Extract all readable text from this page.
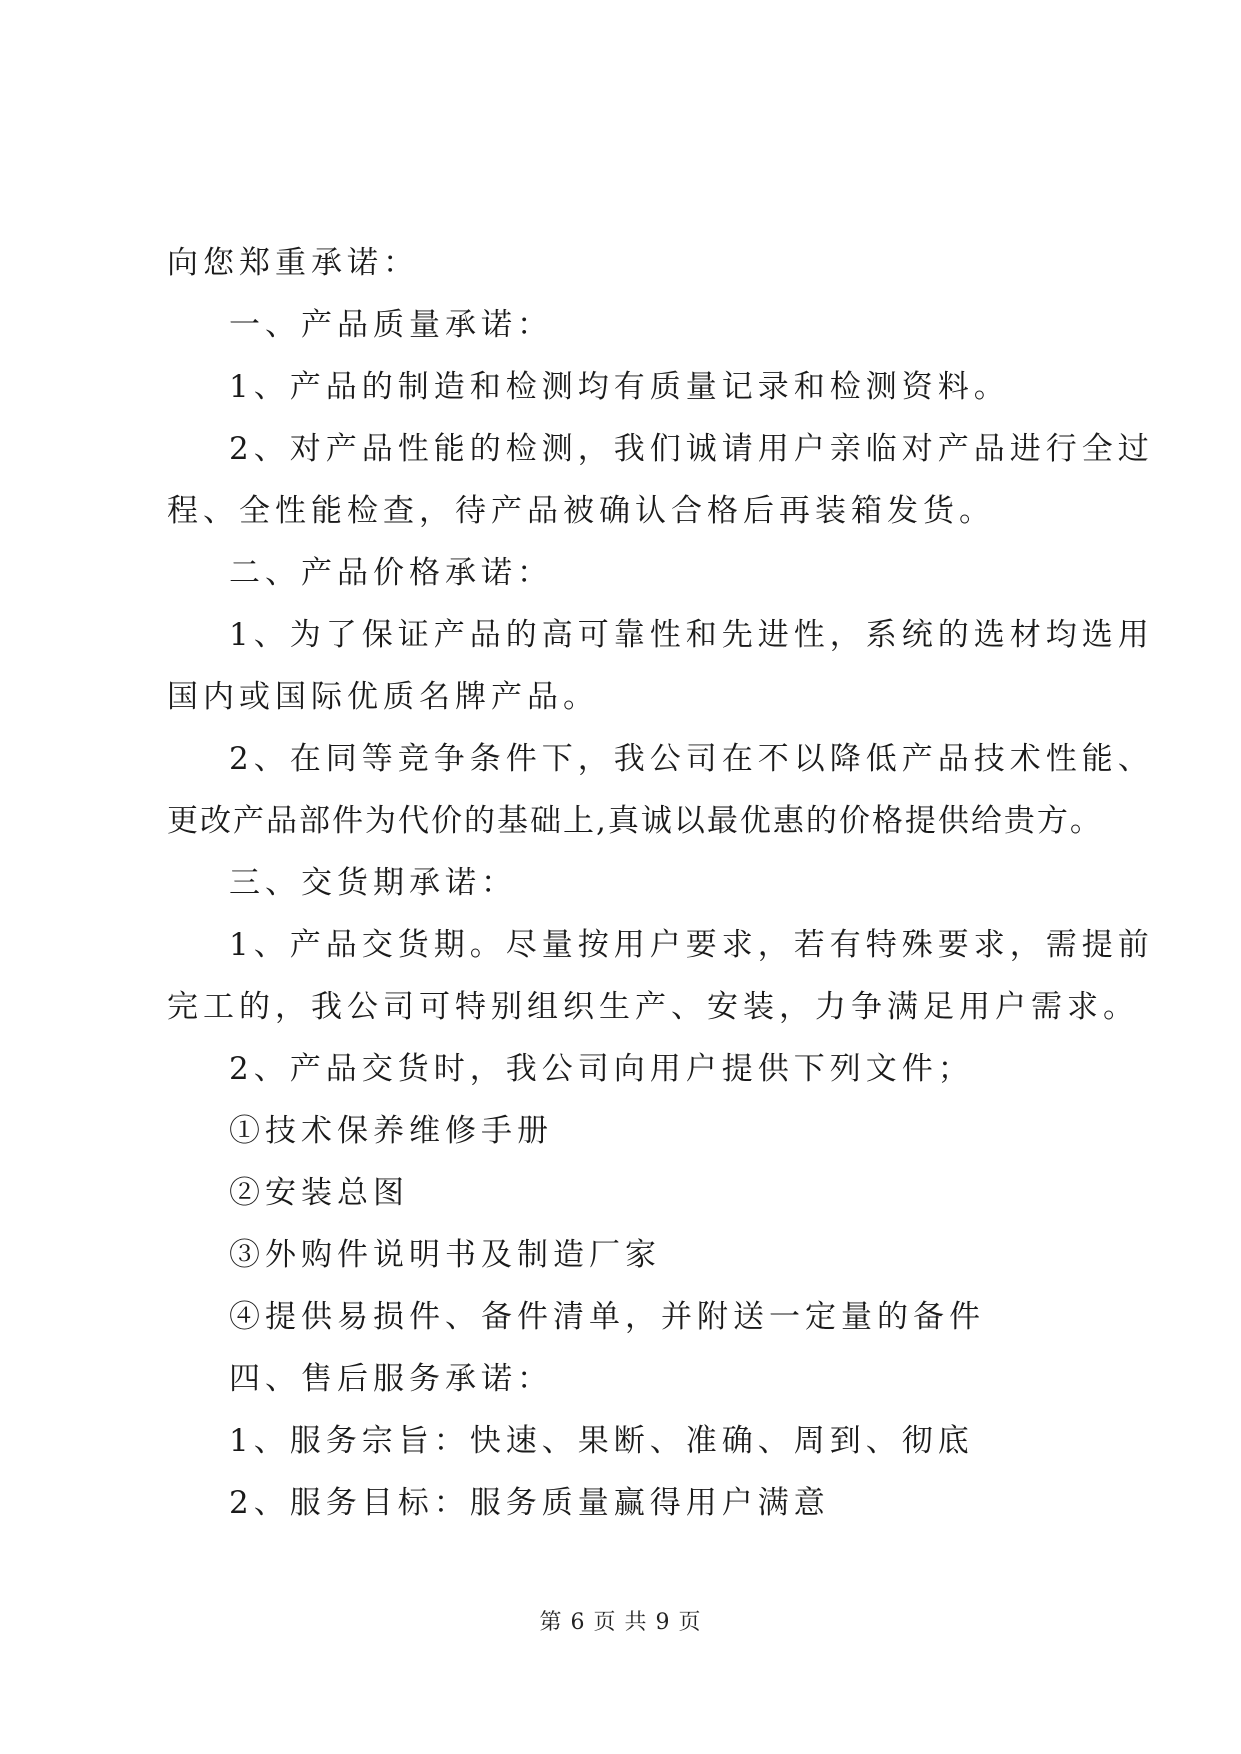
向您郑重承诺：
一、产品质量承诺：
1、产品的制造和检测均有质量记录和检测资料。
2、对产品性能的检测，我们诚请用户亲临对产品进行全过
程、全性能检查，待产品被确认合格后再装箱发货。
二、产品价格承诺：
1、为了保证产品的高可靠性和先进性，系统的选材均选用
国内或国际优质名牌产品。
2、在同等竞争条件下，我公司在不以降低产品技术性能、
更改产品部件为代价的基础上,真诚以最优惠的价格提供给贵方。
三、交货期承诺：
1、产品交货期。尽量按用户要求，若有特殊要求，需提前
完工的，我公司可特别组织生产、安装，力争满足用户需求。
2、产品交货时，我公司向用户提供下列文件；
①技术保养维修手册
②安装总图
③外购件说明书及制造厂家
④提供易损件、备件清单，并附送一定量的备件
四、售后服务承诺：
1、服务宗旨：快速、果断、准确、周到、彻底
2、服务目标：服务质量赢得用户满意
第 6 页 共 9 页
